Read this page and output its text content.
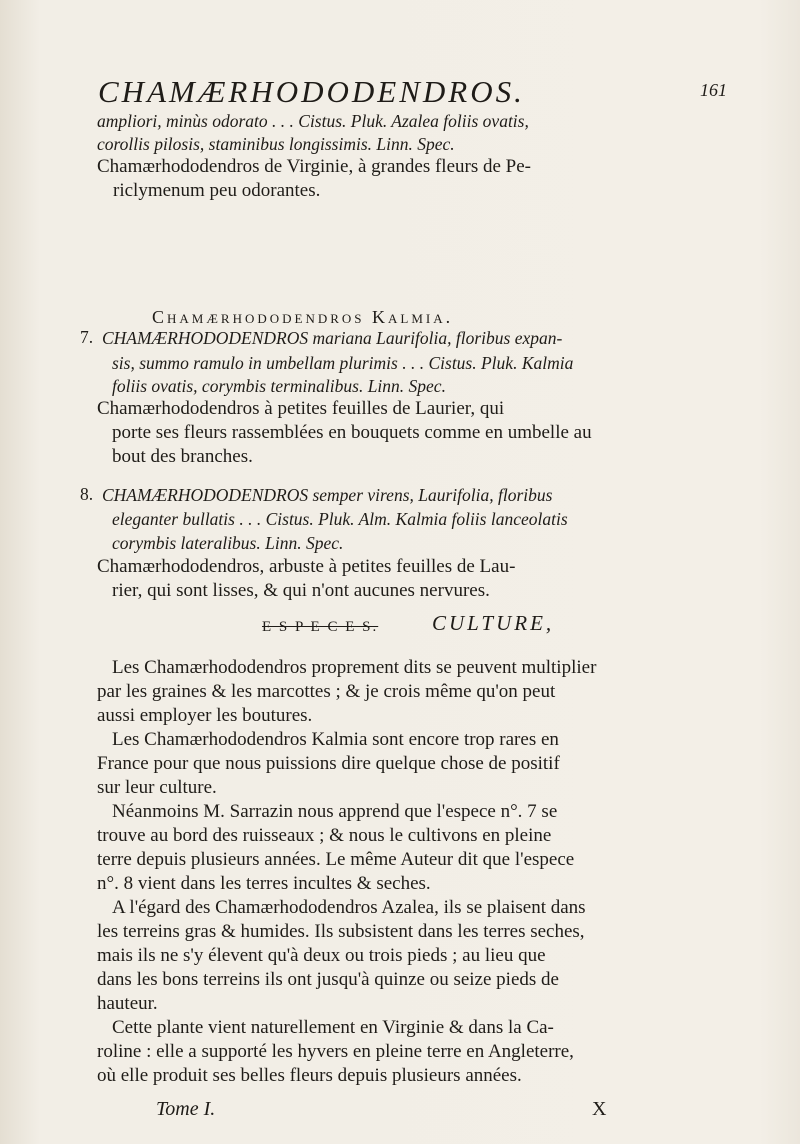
CHAMÆRHODODENDROS.	161
ampliori, minùs odorato . . . Cistus. Pluk. Azalea foliis ovatis,
corollis pilosis, staminibus longissimis. Linn. Spec.
Chamærhododendros de Virginie, à grandes fleurs de Pe-
riclymenum peu odorantes.
Chamærhododendros Kalmia.
7. CHAMÆRHODODENDROS mariana Laurifolia, floribus expan-
sis, summo ramulo in umbellam plurimis . . . Cistus. Pluk. Kalmia
foliis ovatis, corymbis terminalibus. Linn. Spec.
Chamærhododendros à petites feuilles de Laurier, qui
porte ses fleurs rassemblées en bouquets comme en umbelle au
bout des branches.
8. CHAMÆRHODODENDROS semper virens, Laurifolia, floribus
eleganter bullatis . . . Cistus. Pluk. Alm. Kalmia foliis lanceolatis
corymbis lateralibus. Linn. Spec.
Chamærhododendros, arbuste à petites feuilles de Lau-
rier, qui sont lisses, & qui n'ont aucunes nervures.
E S P E C E S.	CULTURE,
Les Chamærhododendros proprement dits se peuvent multiplier
par les graines & les marcottes ; & je crois même qu'on peut
aussi employer les boutures.
Les Chamærhododendros Kalmia sont encore trop rares en
France pour que nous puissions dire quelque chose de positif
sur leur culture.
Néanmoins M. Sarrazin nous apprend que l'espece n°. 7 se
trouve au bord des ruisseaux ; & nous le cultivons en pleine
terre depuis plusieurs années. Le même Auteur dit que l'espece
n°. 8 vient dans les terres incultes & seches.
A l'égard des Chamærhododendros Azalea, ils se plaisent dans
les terreins gras & humides. Ils subsistent dans les terres seches,
mais ils ne s'y élevent qu'à deux ou trois pieds ; au lieu que
dans les bons terreins ils ont jusqu'à quinze ou seize pieds de
hauteur.
Cette plante vient naturellement en Virginie & dans la Ca-
roline : elle a supporté les hyvers en pleine terre en Angleterre,
où elle produit ses belles fleurs depuis plusieurs années.
Tome I.	X
